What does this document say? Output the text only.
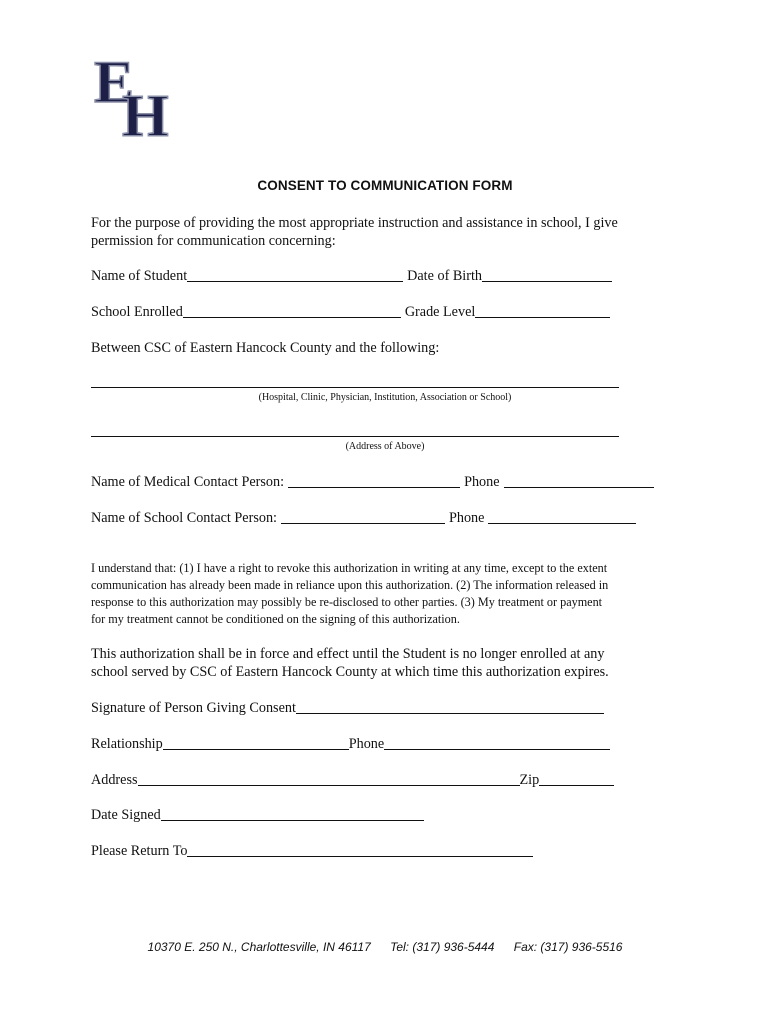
E
H
CONSENT TO COMMUNICATION FORM
For the purpose of providing the most appropriate instruction and assistance in school, I give
permission for communication concerning:
Name of Student	Date of Birth
School Enrolled	Grade Level
Between CSC of Eastern Hancock County and the following:
(Hospital, Clinic, Physician, Institution, Association or School)
(Address of Above)
Name of Medical Contact Person:	Phone
Name of School Contact Person:	Phone
I understand that: (1) I have a right to revoke this authorization in writing at any time, except to the extent
communication has already been made in reliance upon this authorization. (2) The information released in
response to this authorization may possibly be re-disclosed to other parties. (3) My treatment or payment
for my treatment cannot be conditioned on the signing of this authorization.
This authorization shall be in force and effect until the Student is no longer enrolled at any
school served by CSC of Eastern Hancock County at which time this authorization expires.
Signature of Person Giving Consent
Relationship	Phone
Address	Zip
Date Signed
Please Return To
10370 E. 250 N., Charlottesville, IN 46117 Tel: (317) 936-5444 Fax: (317) 936-5516
